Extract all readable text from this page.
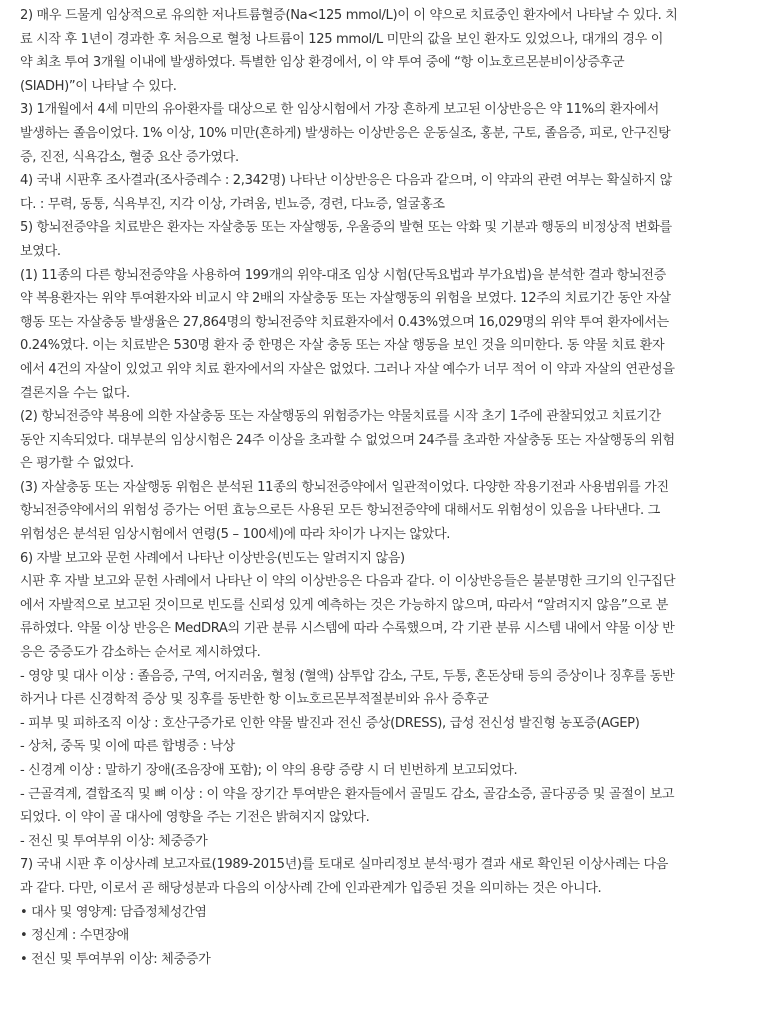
2) 매우 드물게 임상적으로 유의한 저나트륨혈증(Na<125 mmol/L)이 이 약으로 치료중인 환자에서 나타날 수 있다. 치
료 시작 후 1년이 경과한 후 처음으로 혈청 나트륨이 125 mmol/L 미만의 값을 보인 환자도 있었으나, 대개의 경우 이
약 최초 투여 3개월 이내에 발생하였다. 특별한 임상 환경에서, 이 약 투여 중에 “항 이뇨호르몬분비이상증후군
(SIADH)”이 나타날 수 있다.
3) 1개월에서 4세 미만의 유아환자를 대상으로 한 임상시험에서 가장 흔하게 보고된 이상반응은 약 11%의 환자에서
발생하는 졸음이었다. 1% 이상, 10% 미만(흔하게) 발생하는 이상반응은 운동실조, 홍분, 구토, 졸음증, 피로, 안구진탕
증, 진전, 식욕감소, 혈중 요산 증가였다.
4) 국내 시판후 조사결과(조사증례수 : 2,342명) 나타난 이상반응은 다음과 같으며, 이 약과의 관련 여부는 확실하지 않
다. : 무력, 동통, 식욕부진, 지각 이상, 가려움, 빈뇨증, 경련, 다뇨증, 얼굴홍조
5) 항뇌전증약을 치료받은 환자는 자살충동 또는 자살행동, 우울증의 발현 또는 악화 및 기분과 행동의 비정상적 변화를
보였다.
(1) 11종의 다른 항뇌전증약을 사용하여 199개의 위약-대조 임상 시험(단독요법과 부가요법)을 분석한 결과 항뇌전증
약 복용환자는 위약 투여환자와 비교시 약 2배의 자살충동 또는 자살행동의 위험을 보였다. 12주의 치료기간 동안 자살
행동 또는 자살충동 발생율은 27,864명의 항뇌전증약 치료환자에서 0.43%였으며 16,029명의 위약 투여 환자에서는
0.24%였다. 이는 치료받은 530명 환자 중 한명은 자살 충동 또는 자살 행동을 보인 것을 의미한다. 동 약물 치료 환자
에서 4건의 자살이 있었고 위약 치료 환자에서의 자살은 없었다. 그러나 자살 예수가 너무 적어 이 약과 자살의 연관성을
결론지을 수는 없다.
(2) 항뇌전증약 복용에 의한 자살충동 또는 자살행동의 위험증가는 약물치료를 시작 초기 1주에 관찰되었고 치료기간
동안 지속되었다. 대부분의 임상시험은 24주 이상을 초과할 수 없었으며 24주를 초과한 자살충동 또는 자살행동의 위험
은 평가할 수 없었다.
(3) 자살충동 또는 자살행동 위험은 분석된 11종의 항뇌전증약에서 일관적이었다. 다양한 작용기전과 사용범위를 가진
항뇌전증약에서의 위험성 증가는 어떤 효능으로든 사용된 모든 항뇌전증약에 대해서도 위험성이 있음을 나타낸다. 그
위험성은 분석된 임상시험에서 연령(5 – 100세)에 따라 차이가 나지는 않았다.
6) 자발 보고와 문헌 사례에서 나타난 이상반응(빈도는 알려지지 않음)
시판 후 자발 보고와 문헌 사례에서 나타난 이 약의 이상반응은 다음과 같다. 이 이상반응들은 불분명한 크기의 인구집단
에서 자발적으로 보고된 것이므로 빈도를 신뢰성 있게 예측하는 것은 가능하지 않으며, 따라서 “알려지지 않음”으로 분
류하였다. 약물 이상 반응은 MedDRA의 기관 분류 시스템에 따라 수록했으며, 각 기관 분류 시스템 내에서 약물 이상 반
응은 중증도가 감소하는 순서로 제시하였다.
- 영양 및 대사 이상 : 졸음증, 구역, 어지러움, 혈청 (혈액) 삼투압 감소, 구토, 두통, 혼돈상태 등의 증상이나 징후를 동반
하거나 다른 신경학적 증상 및 징후를 동반한 항 이뇨호르몬부적절분비와 유사 증후군
- 피부 및 피하조직 이상 : 호산구증가로 인한 약물 발진과 전신 증상(DRESS), 급성 전신성 발진형 농포증(AGEP)
- 상처, 중독 및 이에 따른 합병증 : 낙상
- 신경계 이상 : 말하기 장애(조음장애 포함); 이 약의 용량 증량 시 더 빈번하게 보고되었다.
- 근골격계, 결합조직 및 뼈 이상 : 이 약을 장기간 투여받은 환자들에서 골밀도 감소, 골감소증, 골다공증 및 골절이 보고
되었다. 이 약이 골 대사에 영향을 주는 기전은 밝혀지지 않았다.
- 전신 및 투여부위 이상: 체중증가
7) 국내 시판 후 이상사례 보고자료(1989-2015년)를 토대로 실마리정보 분석·평가 결과 새로 확인된 이상사례는 다음
과 같다. 다만, 이로서 곧 해당성분과 다음의 이상사례 간에 인과관계가 입증된 것을 의미하는 것은 아니다.
• 대사 및 영양계: 담즙정체성간염
• 정신계 : 수면장애
• 전신 및 투여부위 이상: 체중증가
